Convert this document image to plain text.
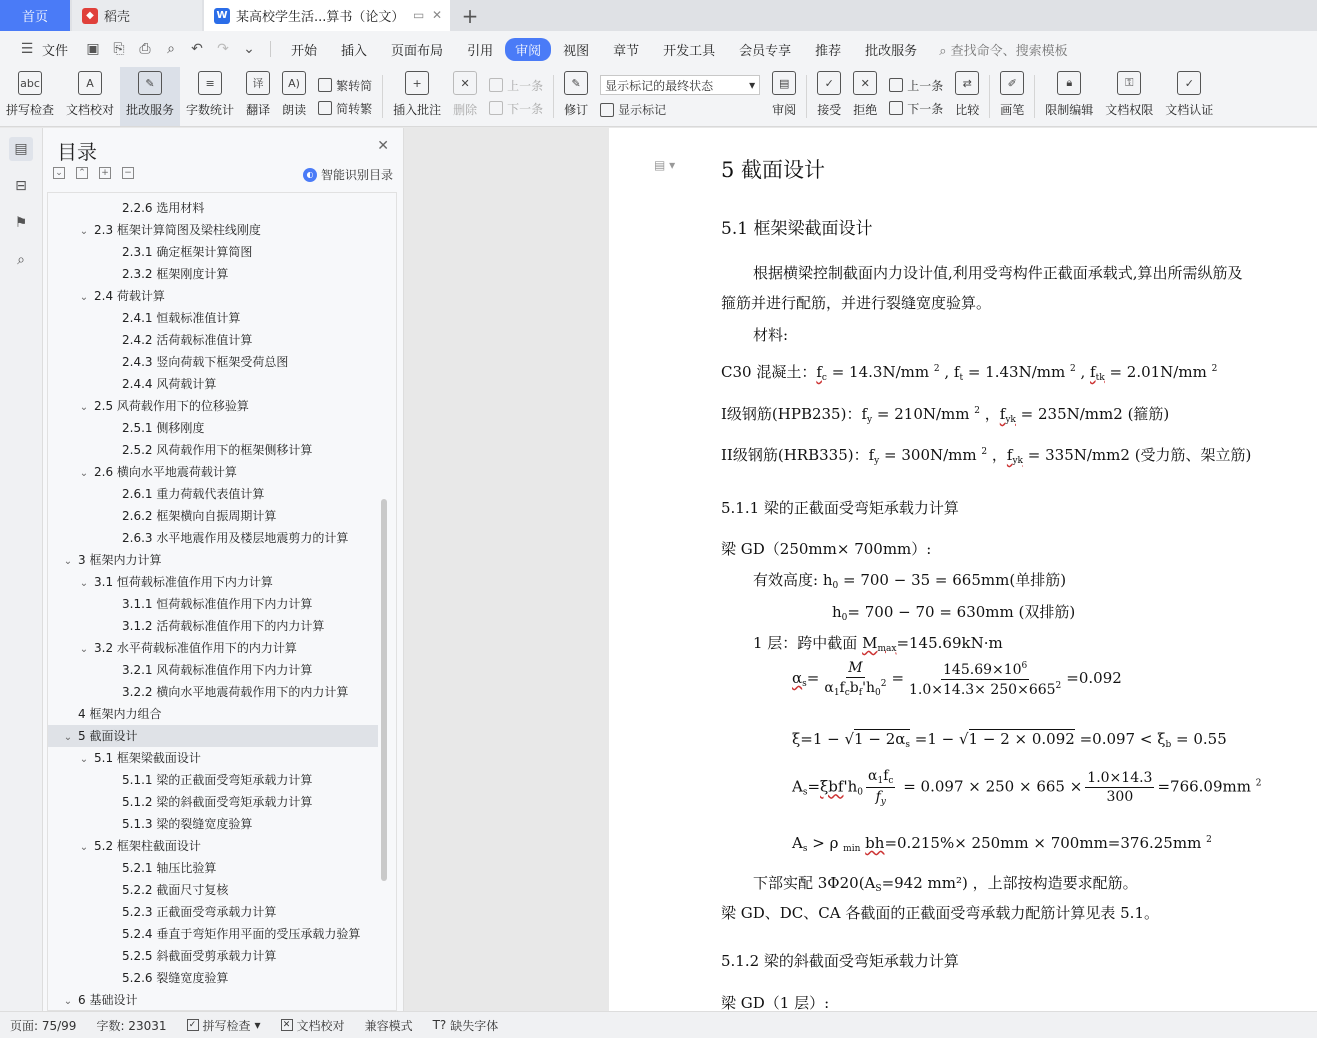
首页	◆ 稻壳	W 某高校学生活...算书（论文） ▭ ✕ +
☰ 文件	▣ ⎘	⎙	⌕	↶	↷	⌄	开始	插入	页面布局	引用	审阅	视图	章节	开发工具	会员专享	推荐	批改服务	⌕ 查找命令、搜索模板
abc
拼写检查
A
文档校对
✎
批改服务
≡
字数统计
译
翻译
A)
朗读
繁转简
简转繁
+
插入批注
✕
删除
上一条
下一条
✎
修订
显示标记的最终状态	▾
显示标记
▤
审阅
✓
接受
✕
拒绝
上一条
下一条
⇄
比较
✐
画笔
🔒︎
限制编辑
⚿
文档权限
✓
文档认证
▤
⊟
⚑
⌕
目录	✕
⌄ ⌃ + −	◐ 智能识别目录
2.2.6 选用材料
⌄ 2.3 框架计算简图及梁柱线刚度
2.3.1 确定框架计算简图
2.3.2 框架刚度计算
⌄ 2.4 荷载计算
2.4.1 恒载标准值计算
2.4.2 活荷载标准值计算
2.4.3 竖向荷载下框架受荷总图
2.4.4 风荷载计算
⌄ 2.5 风荷载作用下的位移验算
2.5.1 侧移刚度
2.5.2 风荷载作用下的框架侧移计算
⌄ 2.6 横向水平地震荷载计算
2.6.1 重力荷载代表值计算
2.6.2 框架横向自振周期计算
2.6.3 水平地震作用及楼层地震剪力的计算
⌄ 3 框架内力计算
⌄ 3.1 恒荷载标准值作用下内力计算
3.1.1 恒荷载标准值作用下内力计算
3.1.2 活荷载标准值作用下的内力计算
⌄ 3.2 水平荷载标准值作用下的内力计算
3.2.1 风荷载标准值作用下内力计算
3.2.2 横向水平地震荷载作用下的内力计算
4 框架内力组合
⌄ 5 截面设计
⌄ 5.1 框架梁截面设计
5.1.1 梁的正截面受弯矩承载力计算
5.1.2 梁的斜截面受弯矩承载力计算
5.1.3 梁的裂缝宽度验算
⌄ 5.2 框架柱截面设计
5.2.1 轴压比验算
5.2.2 截面尺寸复核
5.2.3 正截面受弯承载力计算
5.2.4 垂直于弯矩作用平面的受压承载力验算
5.2.5 斜截面受剪承载力计算
5.2.6 裂缝宽度验算
⌄ 6 基础设计
▤ ▾ 5 截面设计
5.1 框架梁截面设计
根据横梁控制截面内力设计值,利用受弯构件正截面承载式,算出所需纵筋及
箍筋并进行配筋，并进行裂缝宽度验算。
材料:
C30 混凝土：$f_c = 14.3N/mm$ $^2$ , $f_t = 1.43N/mm$ $^2$ , $f_{tk} = 2.01N/mm$ $^2$
I级钢筋(HPB235)：$f_y = 210N/mm$ $^2$ ，$f_{yk} = 235N/mm2$ (箍筋)
II级钢筋(HRB335)：$f_y = 300N/mm$ $^2$ ，$f_{yk} = 335N/mm2$ (受力筋、架立筋)
5.1.1 梁的正截面受弯矩承载力计算
梁 GD（250mm× 700mm）:
有效高度: $h_0 = 700 - 35 = 665mm$(单排筋)
$h_0= 700 - 70 = 630mm$ (双排筋)
1 层：跨中截面 $M_{max}=145.69kN\cdot m$
$\alpha_s= \frac{M}{\alpha_1f_cb_f'h_0^2} = \frac{145.69\times 10^6}{1.0\times 14.3\times 250\times 665^2} =0.092$
$\xi=1 - √1 - 2\alpha_s =1 - √1 - 2 \times 0.092 =0.097 < \xi_b = 0.55$
$A_s=\xi bf'h_0 \frac{\alpha_1f_c}{f_y} = 0.097 \times 250 \times 665 \times \frac{1.0\times 14.3}{300} =766.09mm$ $^2$
$A_s > \rho$ $_{min}$ bh=0.215%× 250mm × 700mm=376.25mm $^2$
下部实配 $3\Phi 20(A_S=942$ mm²) ，上部按构造要求配筋。
梁 GD、DC、CA 各截面的正截面受弯承载力配筋计算见表 5.1。
5.1.2 梁的斜截面受弯矩承载力计算
梁 GD（1 层）:
页面: 75/99	字数: 23031	✓ 拼写检查 ▾	✕ 文档校对	兼容模式	T? 缺失字体
